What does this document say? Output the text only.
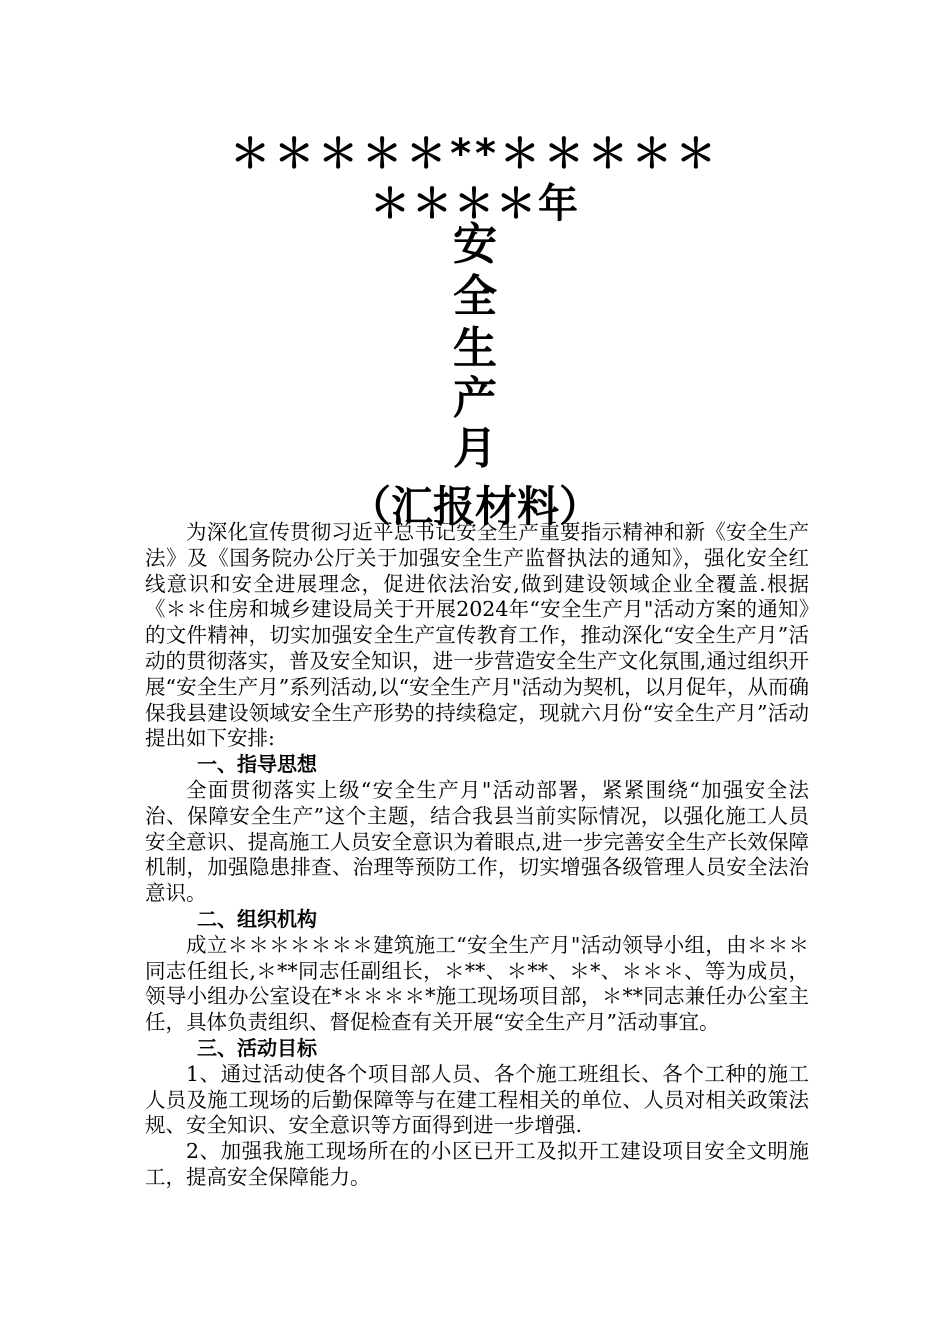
＊＊＊＊＊**＊＊＊＊＊
＊＊＊＊年
安
全
生
产
月
（汇报材料）

为深化宣传贯彻习近平总书记安全生产重要指示精神和新《安全生产法》及《国务院办公厅关于加强安全生产监督执法的通知》，强化安全红线意识和安全进展理念，促进依法治安,做到建设领域企业全覆盖.根据《＊＊住房和城乡建设局关于开展2024年“安全生产月"活动方案的通知》的文件精神，切实加强安全生产宣传教育工作，推动深化“安全生产月”活动的贯彻落实，普及安全知识，进一步营造安全生产文化氛围,通过组织开展“安全生产月”系列活动,以“安全生产月"活动为契机，以月促年，从而确保我县建设领域安全生产形势的持续稳定，现就六月份“安全生产月”活动提出如下安排:

一、指导思想

全面贯彻落实上级“安全生产月"活动部署，紧紧围绕“加强安全法治、保障安全生产”这个主题，结合我县当前实际情况，以强化施工人员安全意识、提高施工人员安全意识为着眼点,进一步完善安全生产长效保障机制，加强隐患排查、治理等预防工作，切实增强各级管理人员安全法治意识。

二、组织机构

成立＊＊＊＊＊＊＊建筑施工“安全生产月"活动领导小组，由＊＊＊同志任组长,＊**同志任副组长，＊**、＊**、＊*、＊＊＊、等为成员，领导小组办公室设在*＊＊＊＊*施工现场项目部，＊**同志兼任办公室主任，具体负责组织、督促检查有关开展“安全生产月”活动事宜。

三、活动目标

1、通过活动使各个项目部人员、各个施工班组长、各个工种的施工人员及施工现场的后勤保障等与在建工程相关的单位、人员对相关政策法规、安全知识、安全意识等方面得到进一步增强.

2、加强我施工现场所在的小区已开工及拟开工建设项目安全文明施工，提高安全保障能力。
